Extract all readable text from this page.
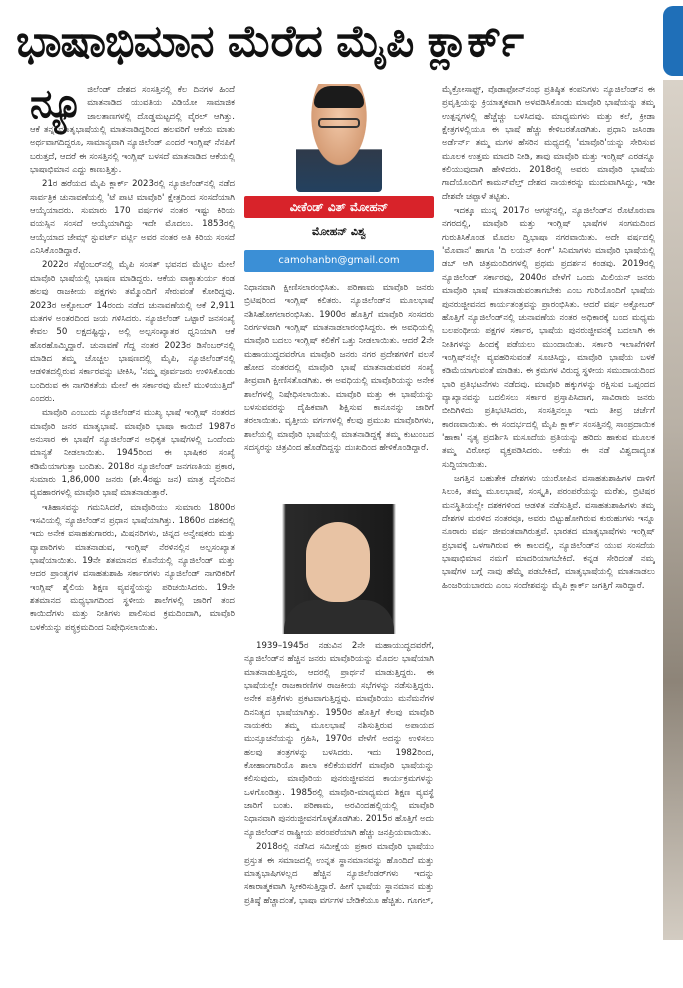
ಭಾಷಾಭಿಮಾನ ಮೆರೆದ ಮೈಪಿ ಕ್ಲಾರ್ಕ್

ನ್ಯೂ ಜಿಲೆಂಡ್ ದೇಶದ ಸಂಸತ್ತಿನಲ್ಲಿ ಕೆಲ ದಿನಗಳ ಹಿಂದೆ ಮಾತನಾಡಿದ ಯುವತಿಯ ವಿಡಿಯೋ ಸಾಮಾಜಿಕ ಜಾಲತಾಣಗಳಲ್ಲಿ ದೊಡ್ಡಮಟ್ಟದಲ್ಲಿ ವೈರಲ್ ಆಗಿತ್ತು. ಆಕೆ ತನ್ನ ಮಾತೃಭಾಷೆಯಲ್ಲಿ ಮಾತನಾಡಿದ್ದರಿಂದ ಹಲವರಿಗೆ ಆಕೆಯ ಮಾತು ಅರ್ಥವಾಗದಿದ್ದರೂ, ಸಾಮಾನ್ಯವಾಗಿ ನ್ಯೂಜಿಲೆಂಡ್ ಎಂದರೆ ಇಂಗ್ಲಿಷ್ ನೆನಪಿಗೆ ಬರುತ್ತದೆ, ಆದರೆ ಈ ಸಂಸತ್ತಿನಲ್ಲಿ ಇಂಗ್ಲಿಷ್ ಬಳಸದೆ ಮಾತನಾಡಿದ ಆಕೆಯಲ್ಲಿ ಭಾಷಾಭಿಮಾನ ಎದ್ದು ಕಾಣುತ್ತಿತ್ತು.

21ರ ಹರೆಯದ ಮೈಪಿ ಕ್ಲಾರ್ಕ್ 2023ರಲ್ಲಿ ನ್ಯೂಜಿಲೆಂಡ್‌ನಲ್ಲಿ ನಡೆದ ಸಾರ್ವತ್ರಿಕ ಚುನಾವಣೆಯಲ್ಲಿ 'ಟೆ ಪಾಟಿ ಮಾವೊರಿ' ಕ್ಷೇತ್ರದಿಂದ ಸಂಸದೆಯಾಗಿ ಆಯ್ಕೆಯಾದರು. ಸುಮಾರು 170 ವರ್ಷಗಳ ನಂತರ ಇಷ್ಟು ಕಿರಿಯ ವಯಸ್ಸಿನ ಸಂಸದೆ ಆಯ್ಕೆಯಾಗಿದ್ದು ಇದೇ ಮೊದಲು. 1853ರಲ್ಲಿ ಆಯ್ಕೆಯಾದ ಜೇಮ್ಸ್ ಸ್ಟುವರ್ಟ್ ವರ್ಟ್ಲಿ ಅವರ ನಂತರ ಅತಿ ಕಿರಿಯ ಸಂಸದೆ ಎನಿಸಿಕೊಂಡಿದ್ದಾರೆ.

2022ರ ಸೆಪ್ಟೆಂಬರ್‌ನಲ್ಲಿ ಮೈಪಿ ಸಂಸತ್ ಭವನದ ಮೆಟ್ಟಿಲ ಮೇಲೆ ಮಾವೊರಿ ಭಾಷೆಯಲ್ಲಿ ಭಾಷಣ ಮಾಡಿದ್ದರು. ಆಕೆಯ ವಾಕ್ಚಾತುರ್ಯ ಕಂಡ ಹಲವು ರಾಜಕೀಯ ಪಕ್ಷಗಳು ತಮ್ಮೊಂದಿಗೆ ಸೇರುವಂತೆ ಕೋರಿದ್ದವು. 2023ರ ಅಕ್ಟೋಬರ್ 14ರಂದು ನಡೆದ ಚುನಾವಣೆಯಲ್ಲಿ ಆಕೆ 2,911 ಮತಗಳ ಅಂತರದಿಂದ ಜಯ ಗಳಿಸಿದರು. ನ್ಯೂಜಿಲೆಂಡ್ ಒಟ್ಟಾರೆ ಜನಸಂಖ್ಯೆ ಕೇವಲ 50 ಲಕ್ಷದಷ್ಟಿದ್ದು, ಅಲ್ಲಿ ಅಲ್ಪಸಂಖ್ಯಾತರ ಧ್ವನಿಯಾಗಿ ಆಕೆ ಹೊರಹೊಮ್ಮಿದ್ದಾರೆ. ಚುನಾವಣೆ ಗೆದ್ದ ನಂತರ 2023ರ ಡಿಸೆಂಬರ್‌ನಲ್ಲಿ ಮಾಡಿದ ತಮ್ಮ ಚೊಚ್ಚಲ ಭಾಷಣದಲ್ಲಿ ಮೈಪಿ, ನ್ಯೂಜಿಲೆಂಡ್‌ನಲ್ಲಿ ಆಡಳಿತದಲ್ಲಿರುವ ಸರ್ಕಾರವನ್ನು ಟೀಕಿಸಿ, 'ನಮ್ಮ ಪೂರ್ವಜರು ಉಳಿಸಿಕೊಂಡು ಬಂದಿರುವ ಈ ನಾಗರಿಕತೆಯ ಮೇಲೆ ಈ ಸರ್ಕಾರವು ಮೇಲೆ ಮುಳಿಯುತ್ತಿದೆ' ಎಂದರು.

ಮಾವೊರಿ ಎಂಬುದು ನ್ಯೂಜಿಲೆಂಡ್‌ನ ಮುಖ್ಯ ಭಾಷೆ ಇಂಗ್ಲಿಷ್ ನಂತರದ ಮಾವೊರಿ ಜನರ ಮಾತೃಭಾಷೆ. ಮಾವೊರಿ ಭಾಷಾ ಕಾಯಿದೆ 1987ರ ಅನುಸಾರ ಈ ಭಾಷೆಗೆ ನ್ಯೂಜಿಲೆಂಡ್‌ನ ಅಧಿಕೃತ ಭಾಷೆಗಳಲ್ಲಿ ಒಂದೆಂದು ಮಾನ್ಯತೆ ನೀಡಲಾಯಿತು. 1945ರಿಂದ ಈ ಭಾಷಿಕರ ಸಂಖ್ಯೆ ಕಡಿಮೆಯಾಗುತ್ತಾ ಬಂದಿತು. 2018ರ ನ್ಯೂಜಿಲೆಂಡ್ ಜನಗಣತಿಯ ಪ್ರಕಾರ, ಸುಮಾರು 1,86,000 ಜನರು (ಶೇ.4ರಷ್ಟು ಜನ) ಮಾತ್ರ ದೈನಂದಿನ ವ್ಯವಹಾರಗಳಲ್ಲಿ ಮಾವೊರಿ ಭಾಷೆ ಮಾತನಾಡುತ್ತಾರೆ.

ಇತಿಹಾಸವನ್ನು ಗಮನಿಸಿದರೆ, ಮಾವೊರಿಯು ಸುಮಾರು 1800ರ ಇಸವಿಯಲ್ಲಿ ನ್ಯೂಜಿಲೆಂಡ್‌ನ ಪ್ರಧಾನ ಭಾಷೆಯಾಗಿತ್ತು. 1860ರ ದಶಕದಲ್ಲಿ ಇದು ಅನೇಕ ವಸಾಹತುಗಾರರು, ಮಿಷನರಿಗಳು, ಚಿನ್ನದ ಅನ್ವೇಷಕರು ಮತ್ತು ವ್ಯಾಪಾರಿಗಳು ಮಾತನಾಡುವ, ಇಂಗ್ಲಿಷ್ ನೆರಳಿನಲ್ಲಿನ ಅಲ್ಪಸಂಖ್ಯಾತ ಭಾಷೆಯಾಯಿತು. 19ನೇ ಶತಮಾನದ ಕೊನೆಯಲ್ಲಿ ನ್ಯೂಜಿಲೆಂಡ್ ಮತ್ತು ಆದರ ಪ್ರಾಂತ್ಯಗಳ ವಸಾಹತುಶಾಹಿ ಸರ್ಕಾರಗಳು ನ್ಯೂಜಿಲೆಂಡ್ ನಾಗರಿಕರಿಗೆ ಇಂಗ್ಲಿಷ್ ಶೈಲಿಯ ಶಿಕ್ಷಣ ವ್ಯವಸ್ಥೆಯನ್ನು ಪರಿಚಯಿಸಿದರು. 19ನೇ ಶತಮಾನದ ಮಧ್ಯಭಾಗದಿಂದ ಸ್ಥಳೀಯ ಶಾಲೆಗಳಲ್ಲಿ ಜಾರಿಗೆ ತಂದ ಕಾಯಿದೆಗಳು ಮತ್ತು ನೀತಿಗಳು ಪಾಲಿಸುವ ಕ್ರಮದಿಂದಾಗಿ, ಮಾವೊರಿ ಬಳಕೆಯನ್ನು ಪಠ್ಯಕ್ರಮದಿಂದ ನಿಷೇಧಿಸಲಾಯಿತು.

ವೀಕೆಂಡ್ ವಿತ್ ಮೋಹನ್
ಮೋಹನ್ ವಿಶ್ವ
camohanbn@gmail.com

ನಿಧಾನವಾಗಿ ಕ್ಷೀಣಿಸಲಾರಂಭಿಸಿತು. ಪರಿಣಾಮ ಮಾವೊರಿ ಜನರು ಬ್ರಿಟಿಷರಿಂದ ಇಂಗ್ಲಿಷ್ ಕಲಿತರು. ನ್ಯೂಜಿಲೆಂಡ್‌ನ ಮೂಲಭಾಷೆ ನಶಿಸಿಹೋಗಲಾರಂಭಿಸಿತು. 1900ರ ಹೊತ್ತಿಗೆ ಮಾವೊರಿ ಸಂಸದರು ನಿರರ್ಗಳವಾಗಿ ಇಂಗ್ಲಿಷ್ ಮಾತನಾಡಲಾರಂಭಿಸಿದ್ದರು. ಈ ಅವಧಿಯಲ್ಲಿ ಮಾವೊರಿ ಬದಲು ಇಂಗ್ಲಿಷ್ ಕಲಿಕೆಗೆ ಒತ್ತು ನೀಡಲಾಯಿತು. ಆದರೆ 2ನೇ ಮಹಾಯುದ್ಧದವರೆಗೂ ಮಾವೊರಿ ಜನರು ನಗರ ಪ್ರದೇಶಗಳಿಗೆ ವಲಸೆ ಹೋದ ನಂತರದಲ್ಲಿ ಮಾವೊರಿ ಭಾಷೆ ಮಾತನಾಡುವವರ ಸಂಖ್ಯೆ ತೀವ್ರವಾಗಿ ಕ್ಷೀಣಿಸತೊಡಗಿತು. ಈ ಅವಧಿಯಲ್ಲಿ ಮಾವೊರಿಯನ್ನು ಅನೇಕ ಶಾಲೆಗಳಲ್ಲಿ ನಿಷೇಧಿಸಲಾಯಿತು. ಮಾವೊರಿ ಮತ್ತು ಈ ಭಾಷೆಯನ್ನು ಬಳಸುವವರನ್ನು ದೈಹಿಕವಾಗಿ ಶಿಕ್ಷಿಸುವ ಕಾನೂನನ್ನು ಜಾರಿಗೆ ತರಲಾಯಿತು. ವೃತ್ತೀಯ ವರ್ಗಗಳಲ್ಲಿ ಕೆಲವು ಪ್ರಮುಖ ಮಾವೊರಿಗಳು, ಶಾಲೆಯಲ್ಲಿ ಮಾವೊರಿ ಭಾಷೆಯಲ್ಲಿ ಮಾತನಾಡಿದ್ದಕ್ಕೆ ತಮ್ಮ ಕುಟುಂಬದ ಸದಸ್ಯರನ್ನು ಚಿತ್ರವಿಂದ ಹೊಡೆದಿದ್ದನ್ನು ದುಃಖದಿಂದ ಹೇಳಿಕೊಂಡಿದ್ದಾರೆ.

1939–1945ರ ನಡುವಿನ 2ನೇ ಮಹಾಯುದ್ಧದವರೆಗೆ, ನ್ಯೂಜಿಲೆಂಡ್‌ನ ಹೆಚ್ಚಿನ ಜನರು ಮಾವೊರಿಯನ್ನು ಮೊದಲ ಭಾಷೆಯಾಗಿ ಮಾತನಾಡುತ್ತಿದ್ದರು, ಆದರಲ್ಲಿ ಪ್ರಾರ್ಥನೆ ಮಾಡುತ್ತಿದ್ದರು. ಈ ಭಾಷೆಯಲ್ಲೇ ರಾಜಕಾರಣಿಗಳ ರಾಜಕೀಯ ಸಭೆಗಳನ್ನು ನಡೆಸುತ್ತಿದ್ದರು. ಅನೇಕ ಪತ್ರಿಕೆಗಳು ಪ್ರಕಟವಾಗುತ್ತಿದ್ದವು. ಮಾವೊರಿಯು ಮನೆಮನೆಗಳ ದಿನನಿತ್ಯದ ಭಾಷೆಯಾಗಿತ್ತು. 1950ರ ಹೊತ್ತಿಗೆ ಕೆಲವು ಮಾವೊರಿ ನಾಯಕರು ತಮ್ಮ ಮೂಲಭಾಷೆ ನಶಿಸುತ್ತಿರುವ ಅಪಾಯದ ಮುನ್ಸೂಚನೆಯನ್ನು ಗ್ರಹಿಸಿ, 1970ರ ವೇಳೆಗೆ ಅದನ್ನು ಉಳಿಸಲು ಹಲವು ತಂತ್ರಗಳನ್ನು ಬಳಸಿದರು. ಇದು 1982ರಿಂದ, ಕೋಹಾಂಗಾರಿಯೊ ಶಾಲಾ ಕಲಿಕೆಯವರೆಗೆ ಮಾವೊರಿ ಭಾಷೆಯನ್ನು ಕಲಿಸುವುದು, ಮಾವೊರಿಯ ಪುನರುಜ್ಜೀವನದ ಕಾರ್ಯಕ್ರಮಗಳನ್ನು ಒಳಗೊಂಡಿತ್ತು. 1985ರಲ್ಲಿ ಮಾವೊರಿ-ಮಾಧ್ಯಮದ ಶಿಕ್ಷಣ ವ್ಯವಸ್ಥೆ ಜಾರಿಗೆ ಬಂತು. ಪರಿಣಾಮ, ಅರವಿಂದಹಲ್ಲಿಯಲ್ಲಿ ಮಾವೊರಿ ನಿಧಾನವಾಗಿ ಪುನರುಜ್ಜೀವನಗೊಳ್ಳತೊಡಗಿತು. 2015ರ ಹೊತ್ತಿಗೆ ಅದು ನ್ಯೂಜಿಲೆಂಡ್‌ನ ರಾಷ್ಟ್ರೀಯ ಪರಂಪರೆಯಾಗಿ ಹೆಚ್ಚು ಜನಪ್ರಿಯವಾಯಿತು.

2018ರಲ್ಲಿ ನಡೆಸಿದ ಸಮೀಕ್ಷೆಯ ಪ್ರಕಾರ ಮಾವೊರಿ ಭಾಷೆಯು ಪ್ರಸ್ತುತ ಈ ಸಮಾಜದಲ್ಲಿ ಉನ್ನತ ಸ್ಥಾನಮಾನವನ್ನು ಹೊಂದಿದೆ ಮತ್ತು ಮಾತೃಭಾಷಿಗಳಲ್ಲದ ಹೆಚ್ಚಿನ ನ್ಯೂಜಿಲೆಂಡರ್‌ಗಳು ಇದನ್ನು ಸಕಾರಾತ್ಮಕವಾಗಿ ಸ್ವೀಕರಿಸುತ್ತಿದ್ದಾರೆ. ಹೀಗೆ ಭಾಷೆಯ ಸ್ಥಾನಮಾನ ಮತ್ತು ಪ್ರತಿಷ್ಠೆ ಹೆಚ್ಚಾದಂತೆ, ಭಾಷಾ ವರ್ಗಗಳ ಬೇಡಿಕೆಯೂ ಹೆಚ್ಚಿತು. ಗೂಗಲ್,

ಮೈಕ್ರೋಸಾಫ್ಟ್, ವೊಡಾಫೋನ್‌ನಂಥ ಪ್ರತಿಷ್ಠಿತ ಕಂಪನಿಗಳು ನ್ಯೂಜಿಲೆಂಡ್‌ನ ಈ ಪ್ರವೃತ್ತಿಯನ್ನು ಕ್ರಿಯಾತ್ಮಕವಾಗಿ ಅಳವಡಿಸಿಕೊಂಡು ಮಾವೊರಿ ಭಾಷೆಯನ್ನು ತಮ್ಮ ಉತ್ಪನ್ನಗಳಲ್ಲಿ ಹೆಚ್ಚೆಚ್ಚು ಬಳಸಿದವು. ಮಾಧ್ಯಮಗಳು ಮತ್ತು ಕಲೆ, ಕ್ರೀಡಾ ಕ್ಷೇತ್ರಗಳಲ್ಲಿಯೂ ಈ ಭಾಷೆ ಹೆಚ್ಚು ಕೇಳಿಬರತೊಡಗಿತು. ಪ್ರಧಾನಿ ಜಸಿಂಡಾ ಅರ್ಡೆರ್ನ್ ತಮ್ಮ ಮಗಳ ಹೆಸರಿನ ಮಧ್ಯದಲ್ಲಿ 'ಮಾವೊರಿ'ಯನ್ನು ಸೇರಿಸುವ ಮೂಲಕ ಉತ್ತಮ ಮಾದರಿ ನೀಡಿ, ತಾವು ಮಾವೊರಿ ಮತ್ತು ಇಂಗ್ಲಿಷ್ ಎರಡನ್ನೂ ಕಲಿಯುವುದಾಗಿ ಹೇಳಿದರು. 2018ರಲ್ಲಿ ಅವರು ಮಾವೊರಿ ಭಾಷೆಯ ಗಾದೆಯೊಂದಿಗೆ ಕಾಮನ್‌ವೆಲ್ತ್ ದೇಶದ ನಾಯಕರನ್ನು ಮುದುವಾಗಿಸಿದ್ದು, ಇಡೀ ದೇಶವೇ ಚಪ್ಪಾಳೆ ತಟ್ಟಿತು.

ಇದಕ್ಕೂ ಮುನ್ನ 2017ರ ಆಗಸ್ಟ್‌ನಲ್ಲಿ, ನ್ಯೂಜಿಲೆಂಡ್‌ನ ರೊಟೊರುವಾ ನಗರದಲ್ಲಿ, ಮಾವೊರಿ ಮತ್ತು ಇಂಗ್ಲಿಷ್ ಭಾಷೆಗಳ ಸಂಗಮದಿಂದ ಗುರುತಿಸಿಕೊಂಡ ಮೊದಲ ದ್ವಿಭಾಷಾ ನಗರವಾಯಿತು. ಅದೇ ವರ್ಷದಲ್ಲಿ 'ಮೊವಾನ' ಹಾಗೂ 'ದಿ ಲಯನ್ ಕಿಂಗ್' ಸಿನಿಮಾಗಳು ಮಾವೊರಿ ಭಾಷೆಯಲ್ಲಿ ಡಬ್ ಆಗಿ ಚಿತ್ರಮಂದಿರಗಳಲ್ಲಿ ಪ್ರಥಮ ಪ್ರದರ್ಶನ ಕಂಡವು. 2019ರಲ್ಲಿ ನ್ಯೂಜಿಲೆಂಡ್ ಸರ್ಕಾರವು, 2040ರ ವೇಳೆಗೆ ಒಂದು ಮಿಲಿಯನ್ ಜನರು ಮಾವೊರಿ ಭಾಷೆ ಮಾತನಾಡುವಂತಾಗಬೇಕು ಎಂಬ ಗುರಿಯೊಂದಿಗೆ ಭಾಷೆಯ ಪುನರುಜ್ಜೀವನದ ಕಾರ್ಯತಂತ್ರವನ್ನು ಪ್ರಾರಂಭಿಸಿತು. ಆದರೆ ವರ್ಷ ಅಕ್ಟೋಬರ್ ಹೊತ್ತಿಗೆ ನ್ಯೂಜಿಲೆಂಡ್‌ನಲ್ಲಿ ಚುನಾವಣೆಯ ನಂತರ ಅಧಿಕಾರಕ್ಕೆ ಬಂದ ಮಧ್ಯಮ ಬಲಪಂಥೀಯ ಪಕ್ಷಗಳ ಸರ್ಕಾರ, ಭಾಷೆಯ ಪುನರುಜ್ಜೀವನಕ್ಕೆ ಬದಲಾಗಿ ಈ ನೀತಿಗಳನ್ನು ಹಿಂದಕ್ಕೆ ಪಡೆಯಲು ಮುಂದಾಯಿತು. ಸರ್ಕಾರಿ ಇಲಾಖೆಗಳಿಗೆ ಇಂಗ್ಲಿಷ್‌ನಲ್ಲೇ ವ್ಯವಹರಿಸುವಂತೆ ಸೂಚಿಸಿದ್ದು, ಮಾವೊರಿ ಭಾಷೆಯ ಬಳಕೆ ಕಡಿಮೆಯಾಗುವಂತೆ ಮಾಡಿತು. ಈ ಕ್ರಮಗಳ ವಿರುದ್ಧ ಸ್ಥಳೀಯ ಸಮುದಾಯದಿಂದ ಭಾರಿ ಪ್ರತಿಭಟನೆಗಳು ನಡೆದವು. ಮಾವೊರಿ ಹಕ್ಕುಗಳನ್ನು ರಕ್ಷಿಸುವ ಒಪ್ಪಂದದ ವ್ಯಾಖ್ಯಾನವನ್ನು ಬದಲಿಸಲು ಸರ್ಕಾರ ಪ್ರಸ್ತಾಪಿಸಿದಾಗ, ಸಾವಿರಾರು ಜನರು ಬೀದಿಗಿಳಿದು ಪ್ರತಿಭಟಿಸಿದರು, ಸಂಸತ್ತಿನಲ್ಲೂ ಇದು ತೀವ್ರ ಚರ್ಚೆಗೆ ಕಾರಣವಾಯಿತು. ಈ ಸಂದರ್ಭದಲ್ಲಿ ಮೈಪಿ ಕ್ಲಾರ್ಕ್ ಸಂಸತ್ತಿನಲ್ಲಿ ಸಾಂಪ್ರದಾಯಿಕ 'ಹಾಕಾ' ನೃತ್ಯ ಪ್ರದರ್ಶಿಸಿ ಮಸೂದೆಯ ಪ್ರತಿಯನ್ನು ಹರಿದು ಹಾಕುವ ಮೂಲಕ ತಮ್ಮ ವಿರೋಧ ವ್ಯಕ್ತಪಡಿಸಿದರು. ಆಕೆಯ ಈ ನಡೆ ವಿಶ್ವದಾದ್ಯಂತ ಸುದ್ದಿಯಾಯಿತು.

ಜಗತ್ತಿನ ಬಹುತೇಕ ದೇಶಗಳು ಯುರೋಪಿನ ವಸಾಹತುಶಾಹಿಗಳ ದಾಳಿಗೆ ಸಿಲುಕಿ, ತಮ್ಮ ಮೂಲಭಾಷೆ, ಸಂಸ್ಕೃತಿ, ಪರಂಪರೆಯನ್ನು ಮರೆತು, ಬ್ರಿಟಿಷರ ಮನಸ್ಥಿತಿಯಲ್ಲೇ ದಶಕಗಳಿಂದ ಆಡಳಿತ ನಡೆಸುತ್ತಿವೆ. ವಸಾಹತುಶಾಹಿಗಳು ತಮ್ಮ ದೇಶಗಳ ಮರಳಿದ ನಂತರವೂ, ಅವರು ಬಿಟ್ಟುಹೋಗಿರುವ ಕುರುಹುಗಳು ಇನ್ನೂ ನೂರಾರು ವರ್ಷ ಜೀವಂತವಾಗಿರುತ್ತವೆ. ಭಾರತದ ಮಾತೃಭಾಷೆಗಳು ಇಂಗ್ಲಿಷ್ ಪ್ರಭಾವಕ್ಕೆ ಒಳಗಾಗಿರುವ ಈ ಕಾಲದಲ್ಲಿ, ನ್ಯೂಜಿಲೆಂಡ್‌ನ ಯುವ ಸಂಸದೆಯ ಭಾಷಾಭಿಮಾನ ನಮಗೆ ಮಾದರಿಯಾಗಬೇಕಿದೆ. ಕನ್ನಡ ಸೇರಿದಂತೆ ನಮ್ಮ ಭಾಷೆಗಳ ಬಗ್ಗೆ ನಾವು ಹೆಮ್ಮೆ ಪಡಬೇಕಿದೆ, ಮಾತೃಭಾಷೆಯಲ್ಲಿ ಮಾತನಾಡಲು ಹಿಂಜರಿಯಬಾರದು ಎಂಬ ಸಂದೇಶವನ್ನು ಮೈಪಿ ಕ್ಲಾರ್ಕ್ ಜಗತ್ತಿಗೆ ಸಾರಿದ್ದಾರೆ.
